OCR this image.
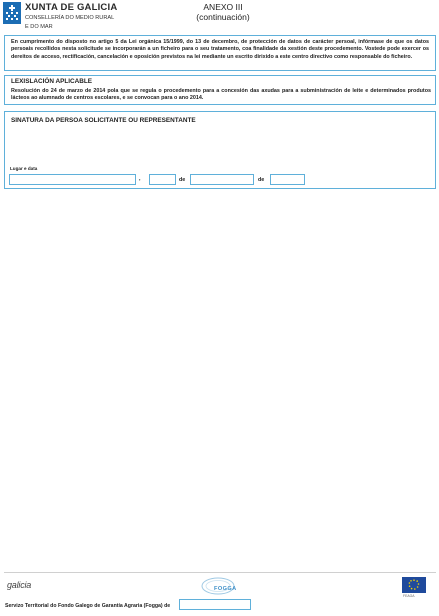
XUNTA DE GALICIA
CONSELLERÍA DO MEDIO RURAL
E DO MAR
ANEXO III
(continuación)
En cumprimento do disposto no artigo 5 da Lei orgánica 15/1999, do 13 de decembro, de protección de datos de carácter persoal, infórmase de que os datos persoais recollidos nesta solicitude se incorporarán a un ficheiro para o seu tratamento, coa finalidade da xestión deste procedemento. Vostede pode exercer os dereitos de acceso, rectificación, cancelación e oposición previstos na lei mediante un escrito dirixido a este centro directivo como responsable do ficheiro.
LEXISLACIÓN APLICABLE
Resolución do 24 de marzo de 2014 pola que se regula o procedemento para a concesión das axudas para a subministración de leite e determinados produtos lácteos ao alumnado de centros escolares, e se convocan para o ano 2014.
SINATURA DA PERSOA SOLICITANTE OU REPRESENTANTE
Lugar e data
,	de	de
galicia	FOGGA
FEAGA
Servizo Territorial do Fondo Galego de Garantía Agraria (Fogga) de
